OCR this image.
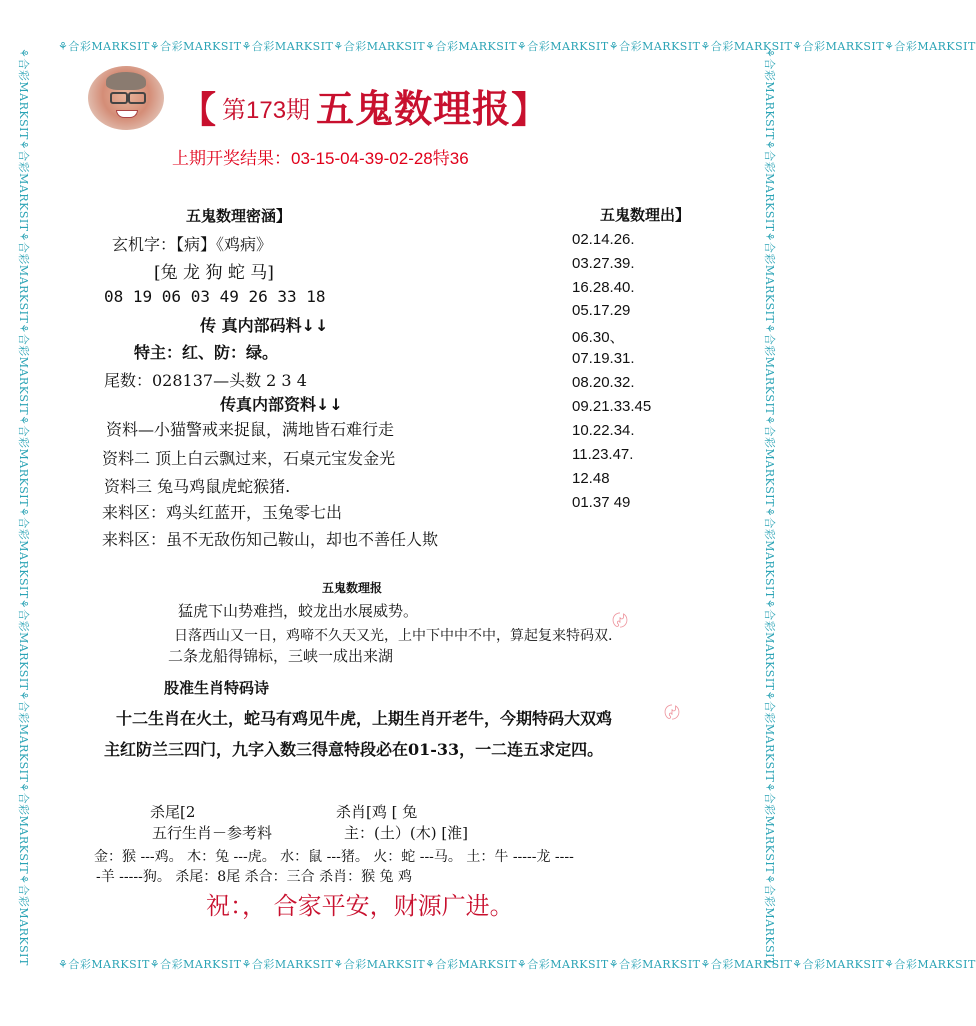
⚘合彩MARKSIT⚘合彩MARKSIT⚘合彩MARKSIT⚘合彩MARKSIT⚘合彩MARKSIT⚘合彩MARKSIT⚘合彩MARKSIT⚘合彩MARKSIT⚘合彩MARKSIT⚘合彩MARKSIT
⚘合彩MARKSIT⚘合彩MARKSIT⚘合彩MARKSIT⚘合彩MARKSIT⚘合彩MARKSIT⚘合彩MARKSIT⚘合彩MARKSIT⚘合彩MARKSIT⚘合彩MARKSIT⚘合彩MARKSIT
⚘合彩MARKSIT⚘合彩MARKSIT⚘合彩MARKSIT⚘合彩MARKSIT⚘合彩MARKSIT⚘合彩MARKSIT⚘合彩MARKSIT⚘合彩MARKSIT⚘合彩MARKSIT⚘合彩MARKSIT	⚘合彩MARKSIT⚘合彩MARKSIT⚘合彩MARKSIT⚘合彩MARKSIT⚘合彩MARKSIT⚘合彩MARKSIT⚘合彩MARKSIT⚘合彩MARKSIT⚘合彩MARKSIT⚘合彩MARKSIT
【 第173期 五鬼数理报】
上期开奖结果：03-15-04-39-02-28特36
五鬼数理密涵】
玄机字：【病】《鸡病》
[兔 龙 狗 蛇 马]
08 19 06 03 49 26 33 18
传 真内部码料↓↓
特主：红、防：绿。
尾数：028137—头数 2 3 4
传真内部资料↓↓
资料—小猫警戒来捉鼠，满地皆石难行走
资料二 顶上白云飘过来，石桌元宝发金光
资料三 兔马鸡鼠虎蛇猴猪.
来料区：鸡头红蓝开，玉兔零七出
来料区：虽不无敌伤知己鞍山，却也不善任人欺
五鬼数理出】
02.14.26.
03.27.39.
16.28.40.
05.17.29
06.30、
07.19.31.
08.20.32.
09.21.33.45
10.22.34.
11.23.47.
12.48
01.37 49
五鬼数理报
猛虎下山势难挡，蛟龙出水展威势。
日落西山又一日，鸡啼不久天又光，上中下中中不中，算起复来特码双.
二条龙船得锦标，三峡一成出来湖
股准生肖特码诗
十二生肖在火土，蛇马有鸡见牛虎，上期生肖开老牛，今期特码大双鸡
主红防兰三四门，九字入数三得意特段必在01-33，一二连五求定四。
〄
〄
杀尾[2	杀肖[鸡 [ 兔
五行生肖－参考料	主：(土）(木) [淮]
金：猴 ---鸡。 木：兔 ---虎。 水：鼠 ---猪。 火：蛇 ---马。 土：牛 -----龙 ----
-羊 -----狗。 杀尾：8尾 杀合：三合 杀肖：猴 兔 鸡
祝：， 合家平安，财源广进。
